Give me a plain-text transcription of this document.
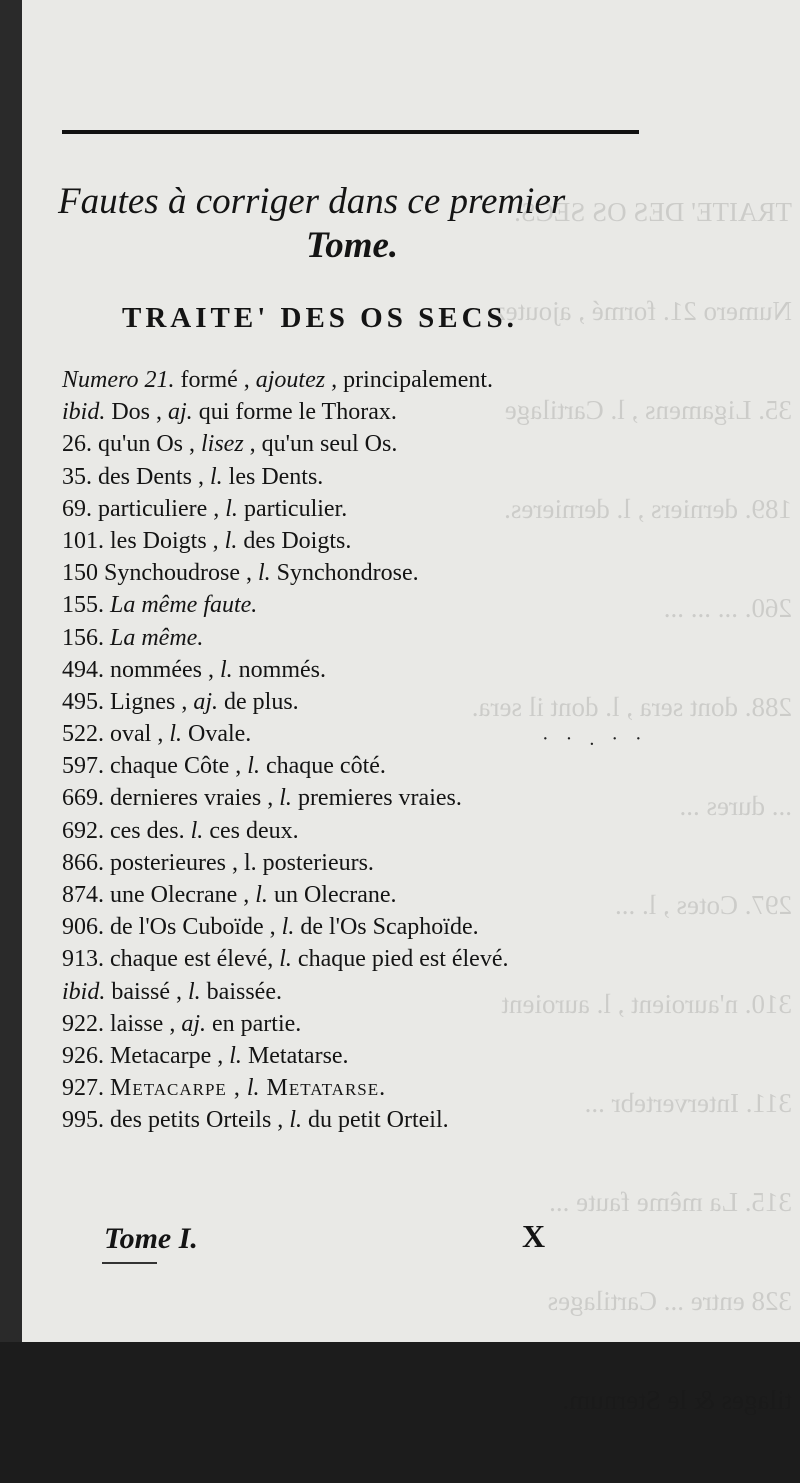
TRAITE' DES OS SECS.

Numero 21. formé , ajoutez

35. Ligamens , l. Cartilage

189. derniers , l. dernieres.

260. ... ... ...

288. dont sera , l. dont il sera.

... dures ...

297. Cotes , l. ...

310. n'auroient , l. auroient

311. Intervertebr ...

315. La même faute ...

328 entre ... Cartilages

tilages & le Sternum.

Fautes à corriger dans ce premier
Tome.
TRAITE' DES OS SECS.
Numero 21. formé , ajoutez , principalement.
ibid. Dos , aj. qui forme le Thorax.
26. qu'un Os , lisez , qu'un seul Os.
35. des Dents , l. les Dents.
69. particuliere , l. particulier.
101. les Doigts , l. des Doigts.
150 Synchoudrose , l. Synchondrose.
155. La même faute.
156. La même.
494. nommées , l. nommés.
495. Lignes , aj. de plus.
522. oval , l. Ovale.
597. chaque Côte , l. chaque côté.
669. dernieres vraies , l. premieres vraies.
692. ces des. l. ces deux.
866. posterieures , l. posterieurs.
874. une Olecrane , l. un Olecrane.
906. de l'Os Cuboïde , l. de l'Os Scaphoïde.
913. chaque est élevé, l. chaque pied est élevé.
ibid. baissé , l. baissée.
922. laisse , aj. en partie.
926. Metacarpe , l. Metatarse.
927. Metacarpe , l. Metatarse.
995. des petits Orteils , l. du petit Orteil.
· · . · ·

Tome I.	X
